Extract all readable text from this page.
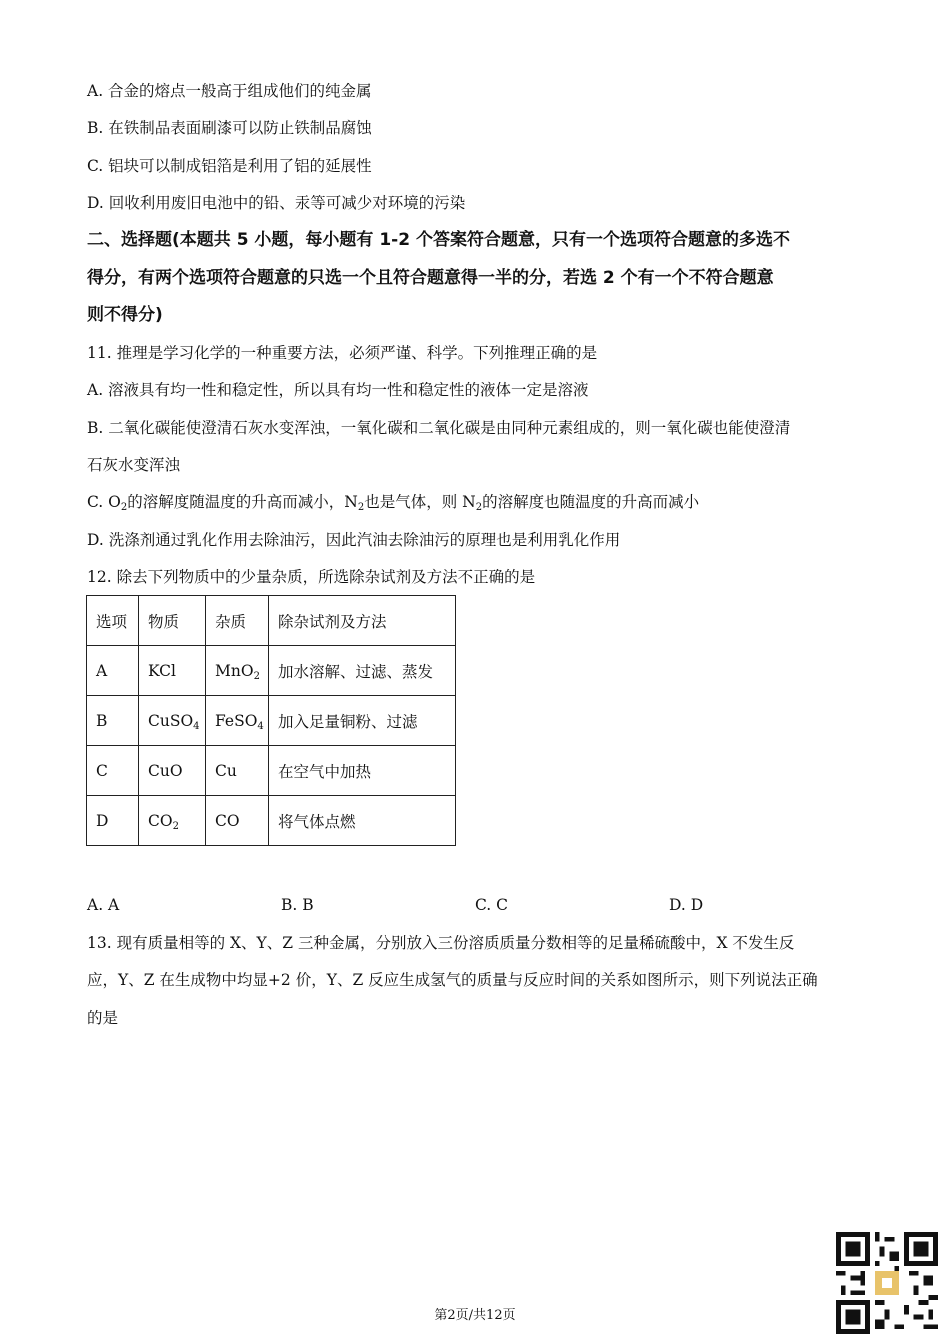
A. 合金的熔点一般高于组成他们的纯金属
B. 在铁制品表面刷漆可以防止铁制品腐蚀
C. 铝块可以制成铝箔是利用了铝的延展性
D. 回收利用废旧电池中的铅、汞等可减少对环境的污染
二、选择题(本题共 5 小题，每小题有 1-2 个答案符合题意，只有一个选项符合题意的多选不
得分，有两个选项符合题意的只选一个且符合题意得一半的分，若选 2 个有一个不符合题意
则不得分)
11. 推理是学习化学的一种重要方法，必须严谨、科学。下列推理正确的是
A. 溶液具有均一性和稳定性，所以具有均一性和稳定性的液体一定是溶液
B. 二氧化碳能使澄清石灰水变浑浊，一氧化碳和二氧化碳是由同种元素组成的，则一氧化碳也能使澄清
石灰水变浑浊
C. $O_2$的溶解度随温度的升高而减小，$N_2$也是气体，则 $N_2$的溶解度也随温度的升高而减小
D. 洗涤剂通过乳化作用去除油污，因此汽油去除油污的原理也是利用乳化作用
12. 除去下列物质中的少量杂质，所选除杂试剂及方法不正确的是
选项	物质	杂质	除杂试剂及方法
A	KCl	MnO$_2$	加水溶解、过滤、蒸发
B	CuSO$_4$	FeSO$_4$	加入足量铜粉、过滤
C	CuO	Cu	在空气中加热
D	$CO_2$	CO	将气体点燃
A. A	B. B	C. C	D. D
13. 现有质量相等的 X、Y、Z 三种金属，分别放入三份溶质质量分数相等的足量稀硫酸中，X 不发生反
应，Y、Z 在生成物中均显+2 价，Y、Z 反应生成氢气的质量与反应时间的关系如图所示，则下列说法正确
的是
第2页/共12页
